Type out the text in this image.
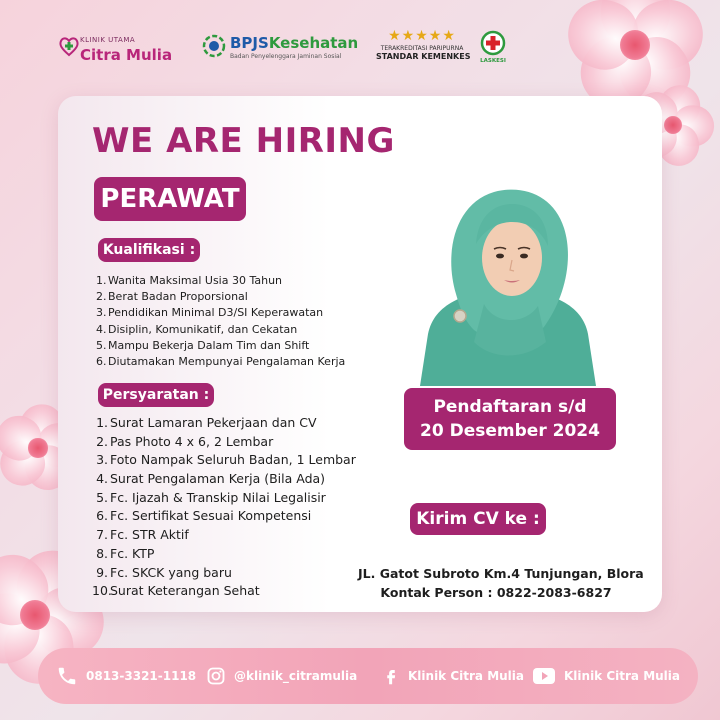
KLINIK UTAMA
Citra Mulia
BPJSKesehatan
Badan Penyelenggara Jaminan Sosial
★★★★★
TERAKREDITASI PARIPURNA
STANDAR KEMENKES LASKESI
WE ARE HIRING
PERAWAT
Kualifikasi :
1. Wanita Maksimal Usia 30 Tahun
2. Berat Badan Proporsional
3. Pendidikan Minimal D3/SI Keperawatan
4. Disiplin, Komunikatif, dan Cekatan
5. Mampu Bekerja Dalam Tim dan Shift
6. Diutamakan Mempunyai Pengalaman Kerja
Persyaratan :
1. Surat Lamaran Pekerjaan dan CV
2. Pas Photo 4 x 6, 2 Lembar
3. Foto Nampak Seluruh Badan, 1 Lembar
4. Surat Pengalaman Kerja (Bila Ada)
5. Fc. Ijazah & Transkip Nilai Legalisir
6. Fc. Sertifikat Sesuai Kompetensi
7. Fc. STR Aktif
8. Fc. KTP
9. Fc. SKCK yang baru
10.
Surat Keterangan Sehat
Pendaftaran s/d
20 Desember 2024
Kirim CV ke :
JL. Gatot Subroto Km.4 Tunjungan, Blora
Kontak Person : 0822-2083-6827
0813-3321-1118	@klinik_citramulia	Klinik Citra Mulia	Klinik Citra Mulia
